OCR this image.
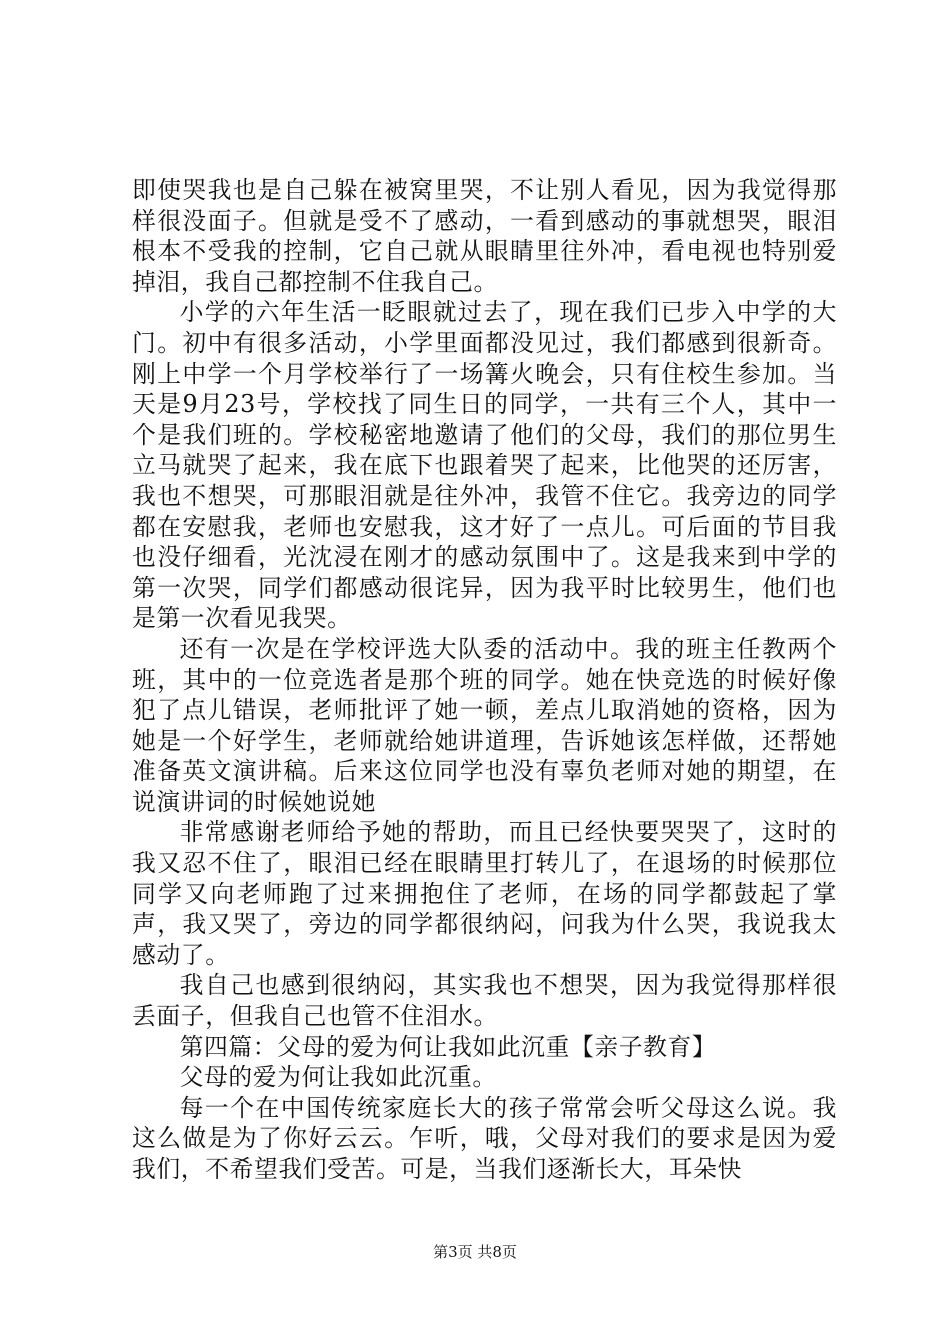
即使哭我也是自己躲在被窝里哭，不让别人看见，因为我觉得那样很没面子。但就是受不了感动，一看到感动的事就想哭，眼泪根本不受我的控制，它自己就从眼睛里往外冲，看电视也特别爱掉泪，我自己都控制不住我自己。

小学的六年生活一眨眼就过去了，现在我们已步入中学的大门。初中有很多活动，小学里面都没见过，我们都感到很新奇。刚上中学一个月学校举行了一场篝火晚会，只有住校生参加。当天是9月23号，学校找了同生日的同学，一共有三个人，其中一个是我们班的。学校秘密地邀请了他们的父母，我们的那位男生立马就哭了起来，我在底下也跟着哭了起来，比他哭的还厉害，我也不想哭，可那眼泪就是往外冲，我管不住它。我旁边的同学都在安慰我，老师也安慰我，这才好了一点儿。可后面的节目我也没仔细看，光沈浸在刚才的感动氛围中了。这是我来到中学的第一次哭，同学们都感动很诧异，因为我平时比较男生，他们也是第一次看见我哭。

还有一次是在学校评选大队委的活动中。我的班主任教两个班，其中的一位竞选者是那个班的同学。她在快竞选的时候好像犯了点儿错误，老师批评了她一顿，差点儿取消她的资格，因为她是一个好学生，老师就给她讲道理，告诉她该怎样做，还帮她准备英文演讲稿。后来这位同学也没有辜负老师对她的期望，在说演讲词的时候她说她

非常感谢老师给予她的帮助，而且已经快要哭哭了，这时的我又忍不住了，眼泪已经在眼睛里打转儿了，在退场的时候那位同学又向老师跑了过来拥抱住了老师，在场的同学都鼓起了掌声，我又哭了，旁边的同学都很纳闷，问我为什么哭，我说我太感动了。

我自己也感到很纳闷，其实我也不想哭，因为我觉得那样很丢面子，但我自己也管不住泪水。

第四篇：父母的爱为何让我如此沉重【亲子教育】

父母的爱为何让我如此沉重。

每一个在中国传统家庭长大的孩子常常会听父母这么说。我这么做是为了你好云云。乍听，哦，父母对我们的要求是因为爱我们，不希望我们受苦。可是，当我们逐渐长大，耳朵快

第3页 共8页
